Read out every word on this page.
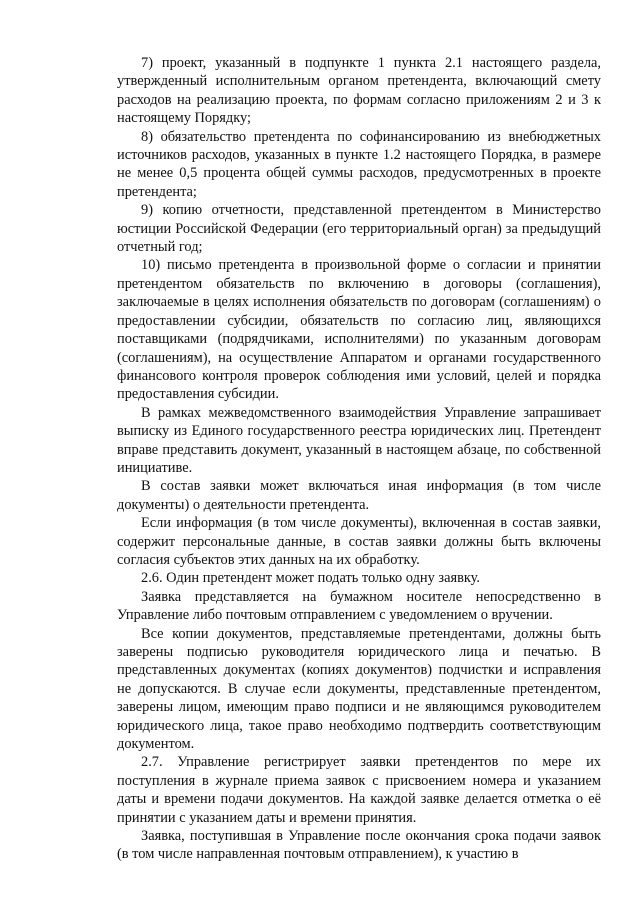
7) проект, указанный в подпункте 1 пункта 2.1 настоящего раздела, утвержденный исполнительным органом претендента, включающий смету расходов на реализацию проекта, по формам согласно приложениям 2 и 3 к настоящему Порядку;

8) обязательство претендента по софинансированию из внебюджетных источников расходов, указанных в пункте 1.2 настоящего Порядка, в размере не менее 0,5 процента общей суммы расходов, предусмотренных в проекте претендента;

9) копию отчетности, представленной претендентом в Министерство юстиции Российской Федерации (его территориальный орган) за предыдущий отчетный год;

10) письмо претендента в произвольной форме о согласии и принятии претендентом обязательств по включению в договоры (соглашения), заключаемые в целях исполнения обязательств по договорам (соглашениям) о предоставлении субсидии, обязательств по согласию лиц, являющихся поставщиками (подрядчиками, исполнителями) по указанным договорам (соглашениям), на осуществление Аппаратом и органами государственного финансового контроля проверок соблюдения ими условий, целей и порядка предоставления субсидии.

В рамках межведомственного взаимодействия Управление запрашивает выписку из Единого государственного реестра юридических лиц. Претендент вправе представить документ, указанный в настоящем абзаце, по собственной инициативе.

В состав заявки может включаться иная информация (в том числе документы) о деятельности претендента.

Если информация (в том числе документы), включенная в состав заявки, содержит персональные данные, в состав заявки должны быть включены согласия субъектов этих данных на их обработку.

2.6. Один претендент может подать только одну заявку.

Заявка представляется на бумажном носителе непосредственно в Управление либо почтовым отправлением с уведомлением о вручении.

Все копии документов, представляемые претендентами, должны быть заверены подписью руководителя юридического лица и печатью. В представленных документах (копиях документов) подчистки и исправления не допускаются. В случае если документы, представленные претендентом, заверены лицом, имеющим право подписи и не являющимся руководителем юридического лица, такое право необходимо подтвердить соответствующим документом.

2.7. Управление регистрирует заявки претендентов по мере их поступления в журнале приема заявок с присвоением номера и указанием даты и времени подачи документов. На каждой заявке делается отметка о её принятии с указанием даты и времени принятия.

Заявка, поступившая в Управление после окончания срока подачи заявок (в том числе направленная почтовым отправлением), к участию в
